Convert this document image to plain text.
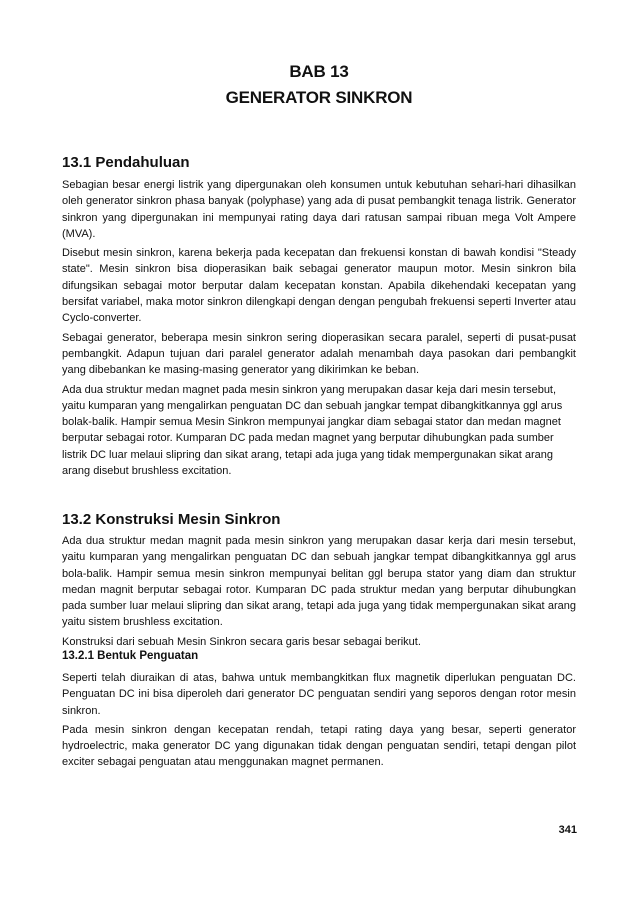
BAB 13
GENERATOR SINKRON
13.1 Pendahuluan

Sebagian besar energi listrik yang dipergunakan oleh konsumen untuk kebutuhan sehari-hari dihasilkan oleh generator sinkron phasa banyak (polyphase) yang ada di pusat pembangkit tenaga listrik. Generator sinkron yang dipergunakan ini mempunyai rating daya dari ratusan sampai ribuan mega Volt Ampere (MVA).

Disebut mesin sinkron, karena bekerja pada kecepatan dan frekuensi konstan di bawah kondisi "Steady state". Mesin sinkron bisa dioperasikan baik sebagai generator maupun motor. Mesin sinkron bila difungsikan sebagai motor berputar dalam kecepatan konstan. Apabila dikehendaki kecepatan yang bersifat variabel, maka motor sinkron dilengkapi dengan dengan pengubah frekuensi seperti Inverter atau Cyclo-converter.

Sebagai generator, beberapa mesin sinkron sering dioperasikan secara paralel, seperti di pusat-pusat pembangkit. Adapun tujuan dari paralel generator adalah menambah daya pasokan dari pembangkit yang dibebankan ke masing-masing generator yang dikirimkan ke beban.

Ada dua struktur medan magnet pada mesin sinkron yang merupakan dasar keja dari mesin tersebut, yaitu kumparan yang mengalirkan penguatan DC dan sebuah jangkar tempat dibangkitkannya ggl arus bolak-balik. Hampir semua Mesin Sinkron mempunyai jangkar diam sebagai stator dan medan magnet berputar sebagai rotor. Kumparan DC pada medan magnet yang berputar dihubungkan pada sumber listrik DC luar melaui slipring dan sikat arang, tetapi ada juga yang tidak mempergunakan sikat arang arang disebut brushless excitation.

13.2 Konstruksi Mesin Sinkron

Ada dua struktur medan magnit pada mesin sinkron yang merupakan dasar kerja dari mesin tersebut, yaitu kumparan yang mengalirkan penguatan DC dan sebuah jangkar tempat dibangkitkannya ggl arus bola-balik. Hampir semua mesin sinkron mempunyai belitan ggl berupa stator yang diam dan struktur medan magnit berputar sebagai rotor. Kumparan DC pada struktur medan yang berputar dihubungkan pada sumber luar melaui slipring dan sikat arang, tetapi ada juga yang tidak mempergunakan sikat arang yaitu sistem brushless excitation.

Konstruksi dari sebuah Mesin Sinkron secara garis besar sebagai berikut.

13.2.1 Bentuk Penguatan

Seperti telah diuraikan di atas, bahwa untuk membangkitkan flux magnetik diperlukan penguatan DC. Penguatan DC ini bisa diperoleh dari generator DC penguatan sendiri yang seporos dengan rotor mesin sinkron.

Pada mesin sinkron dengan kecepatan rendah, tetapi rating daya yang besar, seperti generator hydroelectric, maka generator DC yang digunakan tidak dengan penguatan sendiri, tetapi dengan pilot exciter sebagai penguatan atau menggunakan magnet permanen.

341
